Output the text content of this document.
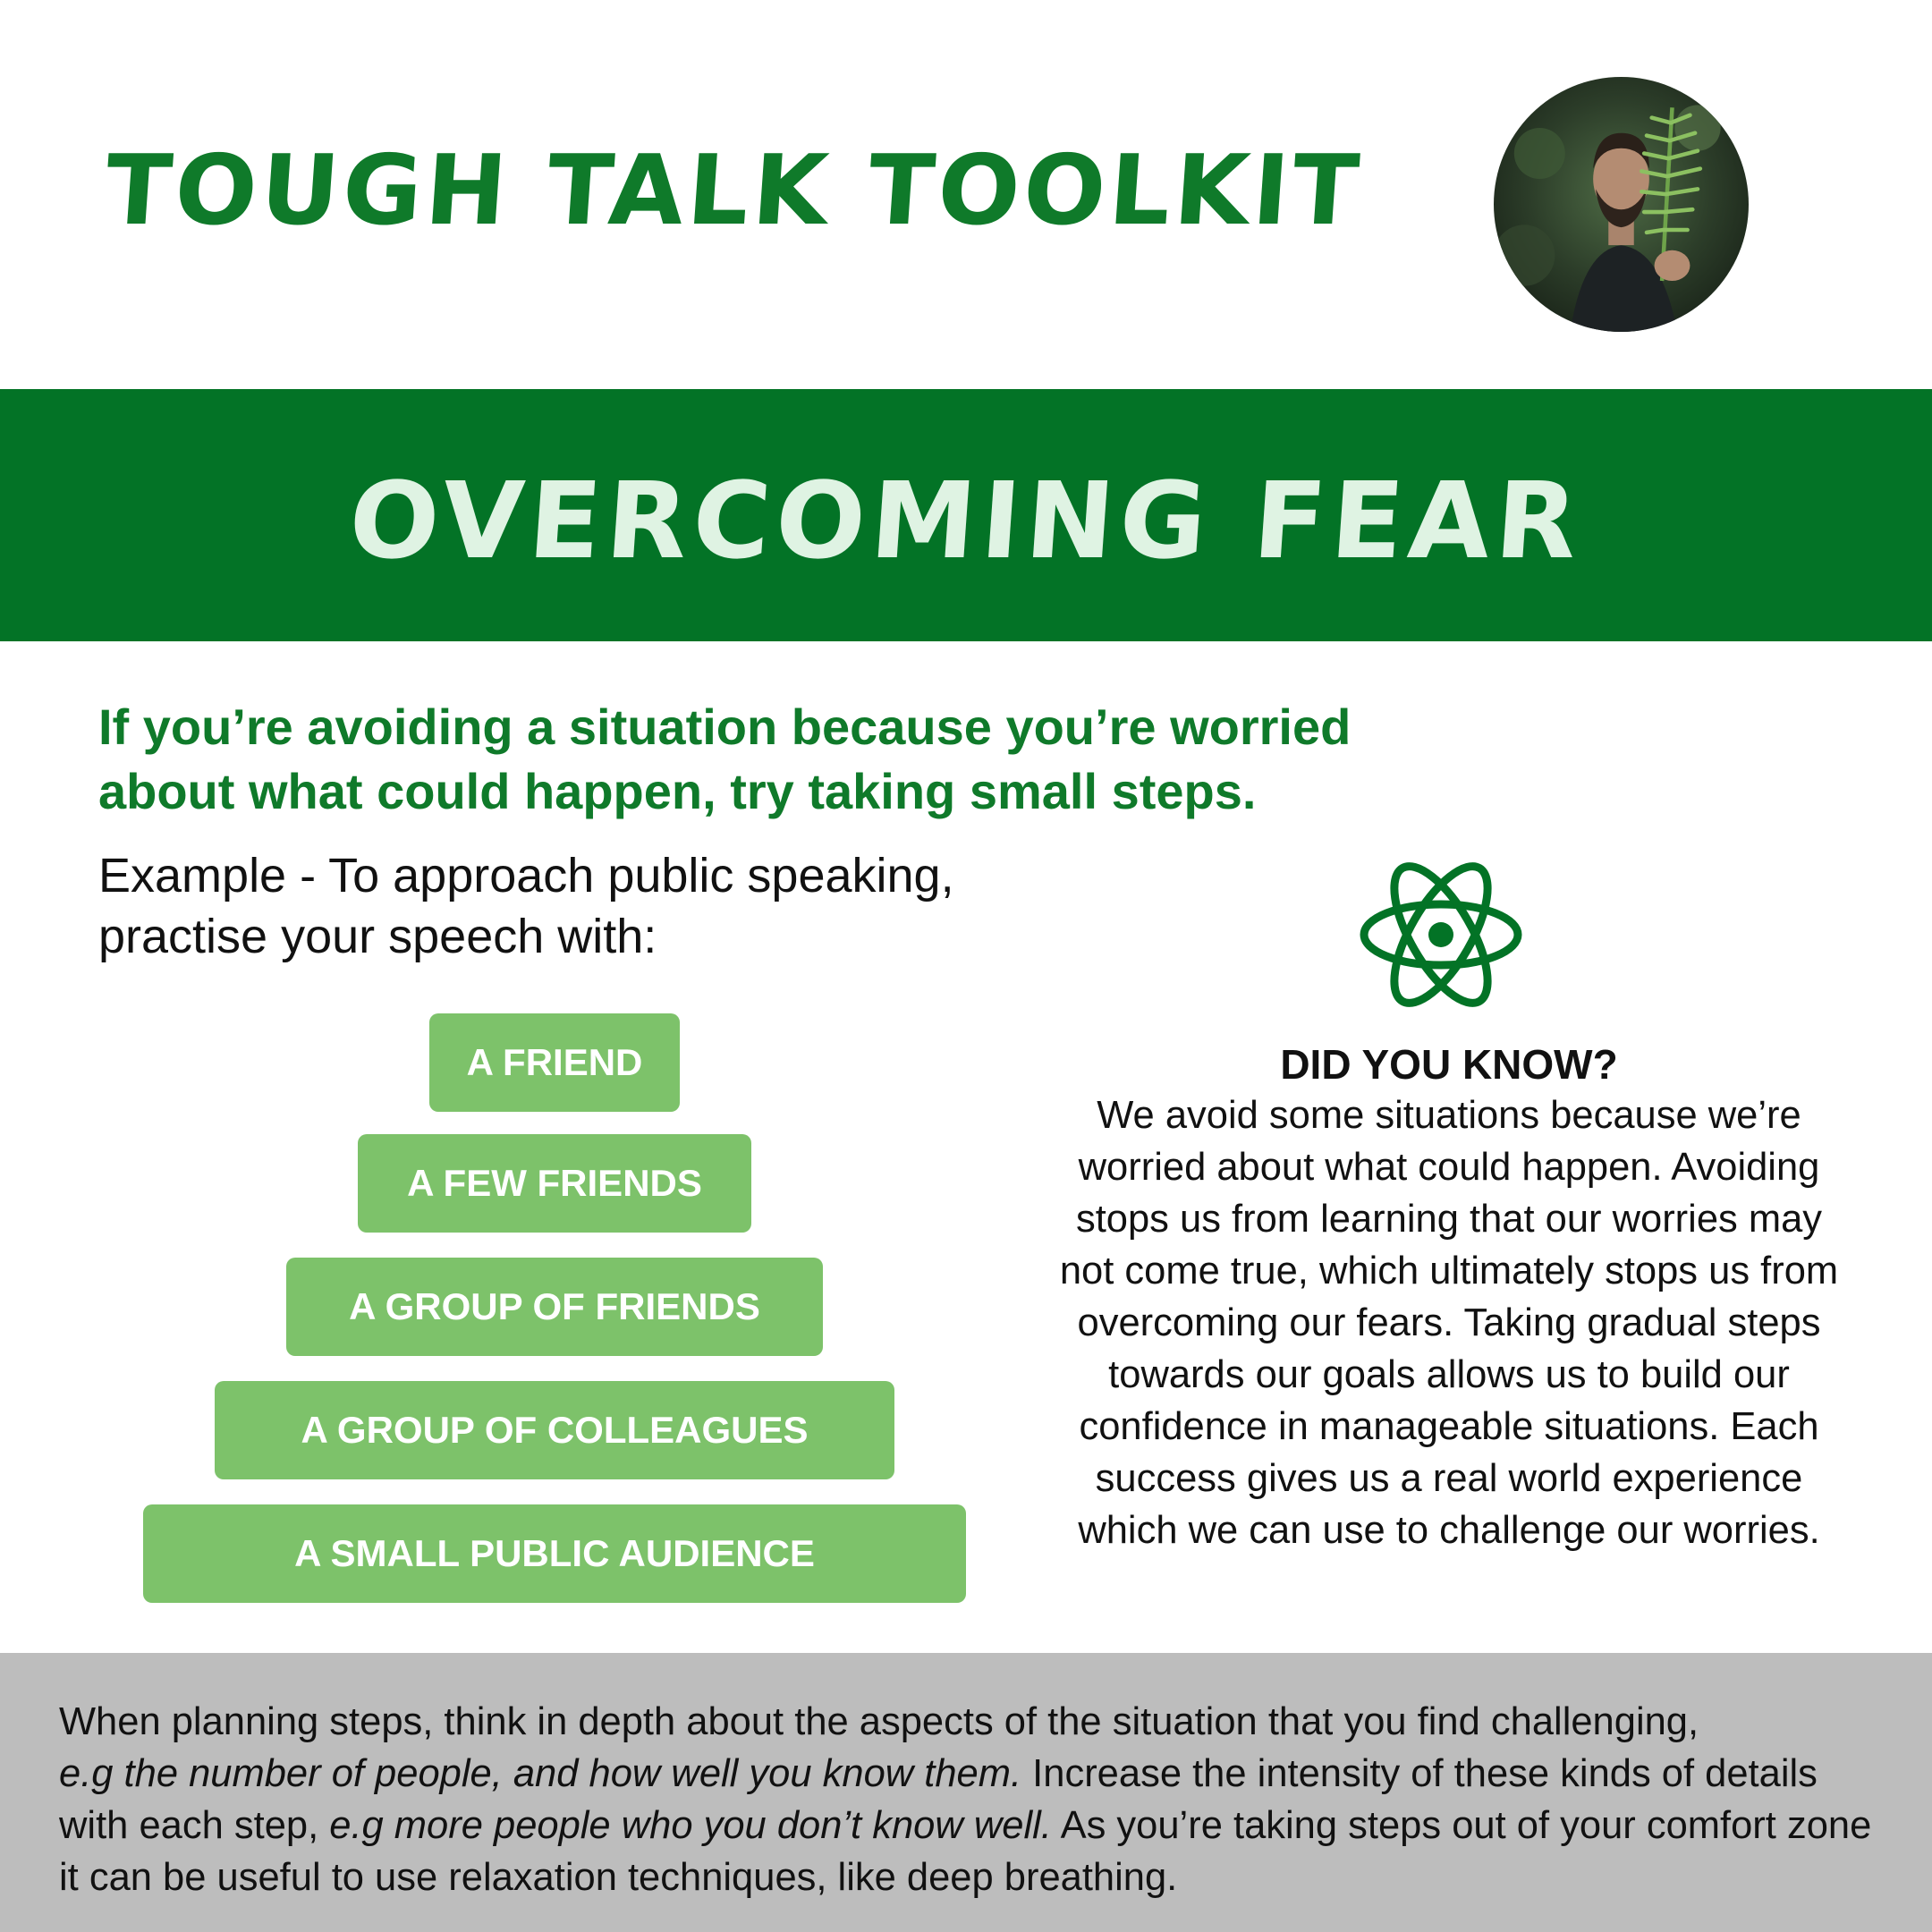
TOUGH TALK TOOLKIT
OVERCOMING FEAR
If you’re avoiding a situation because you’re worried about what could happen, try taking small steps.
Example - To approach public speaking, practise your speech with:
A FRIEND
A FEW FRIENDS
A GROUP OF FRIENDS
A GROUP OF COLLEAGUES
A SMALL PUBLIC AUDIENCE
DID YOU KNOW?
We avoid some situations because we’re worried about what could happen. Avoiding stops us from learning that our worries may not come true, which ultimately stops us from overcoming our fears. Taking gradual steps towards our goals allows us to build our confidence in manageable situations. Each success gives us a real world experience which we can use to challenge our worries.
When planning steps, think in depth about the aspects of the situation that you find challenging,
e.g the number of people, and how well you know them. Increase the intensity of these kinds of details with each step, e.g more people who you don’t know well. As you’re taking steps out of your comfort zone it can be useful to use relaxation techniques, like deep breathing.
